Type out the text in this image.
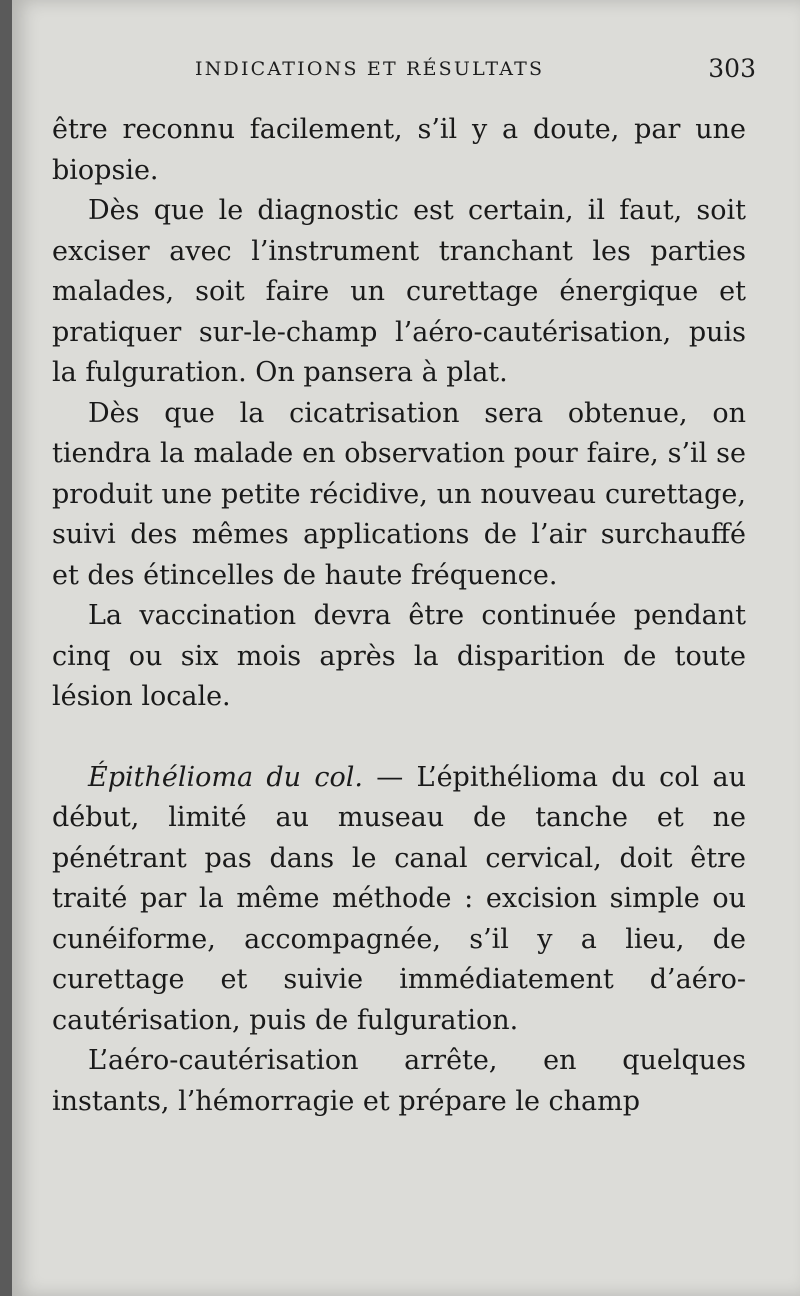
INDICATIONS ET RÉSULTATS	303

être reconnu facilement, s’il y a doute, par une biopsie.

Dès que le diagnostic est certain, il faut, soit exciser avec l’instrument tranchant les parties malades, soit faire un curettage énergique et pratiquer sur-le-champ l’aéro-cautérisation, puis la fulguration. On pansera à plat.

Dès que la cicatrisation sera obtenue, on tiendra la malade en observation pour faire, s’il se produit une petite récidive, un nouveau curettage, suivi des mêmes applications de l’air surchauffé et des étincelles de haute fréquence.

La vaccination devra être continuée pendant cinq ou six mois après la disparition de toute lésion locale.

Épithélioma du col. — L’épithélioma du col au début, limité au museau de tanche et ne pénétrant pas dans le canal cervical, doit être traité par la même méthode : excision simple ou cunéiforme, accompagnée, s’il y a lieu, de curettage et suivie immédiatement d’aéro-cautérisation, puis de fulguration.

L’aéro-cautérisation arrête, en quelques instants, l’hémorragie et prépare le champ
